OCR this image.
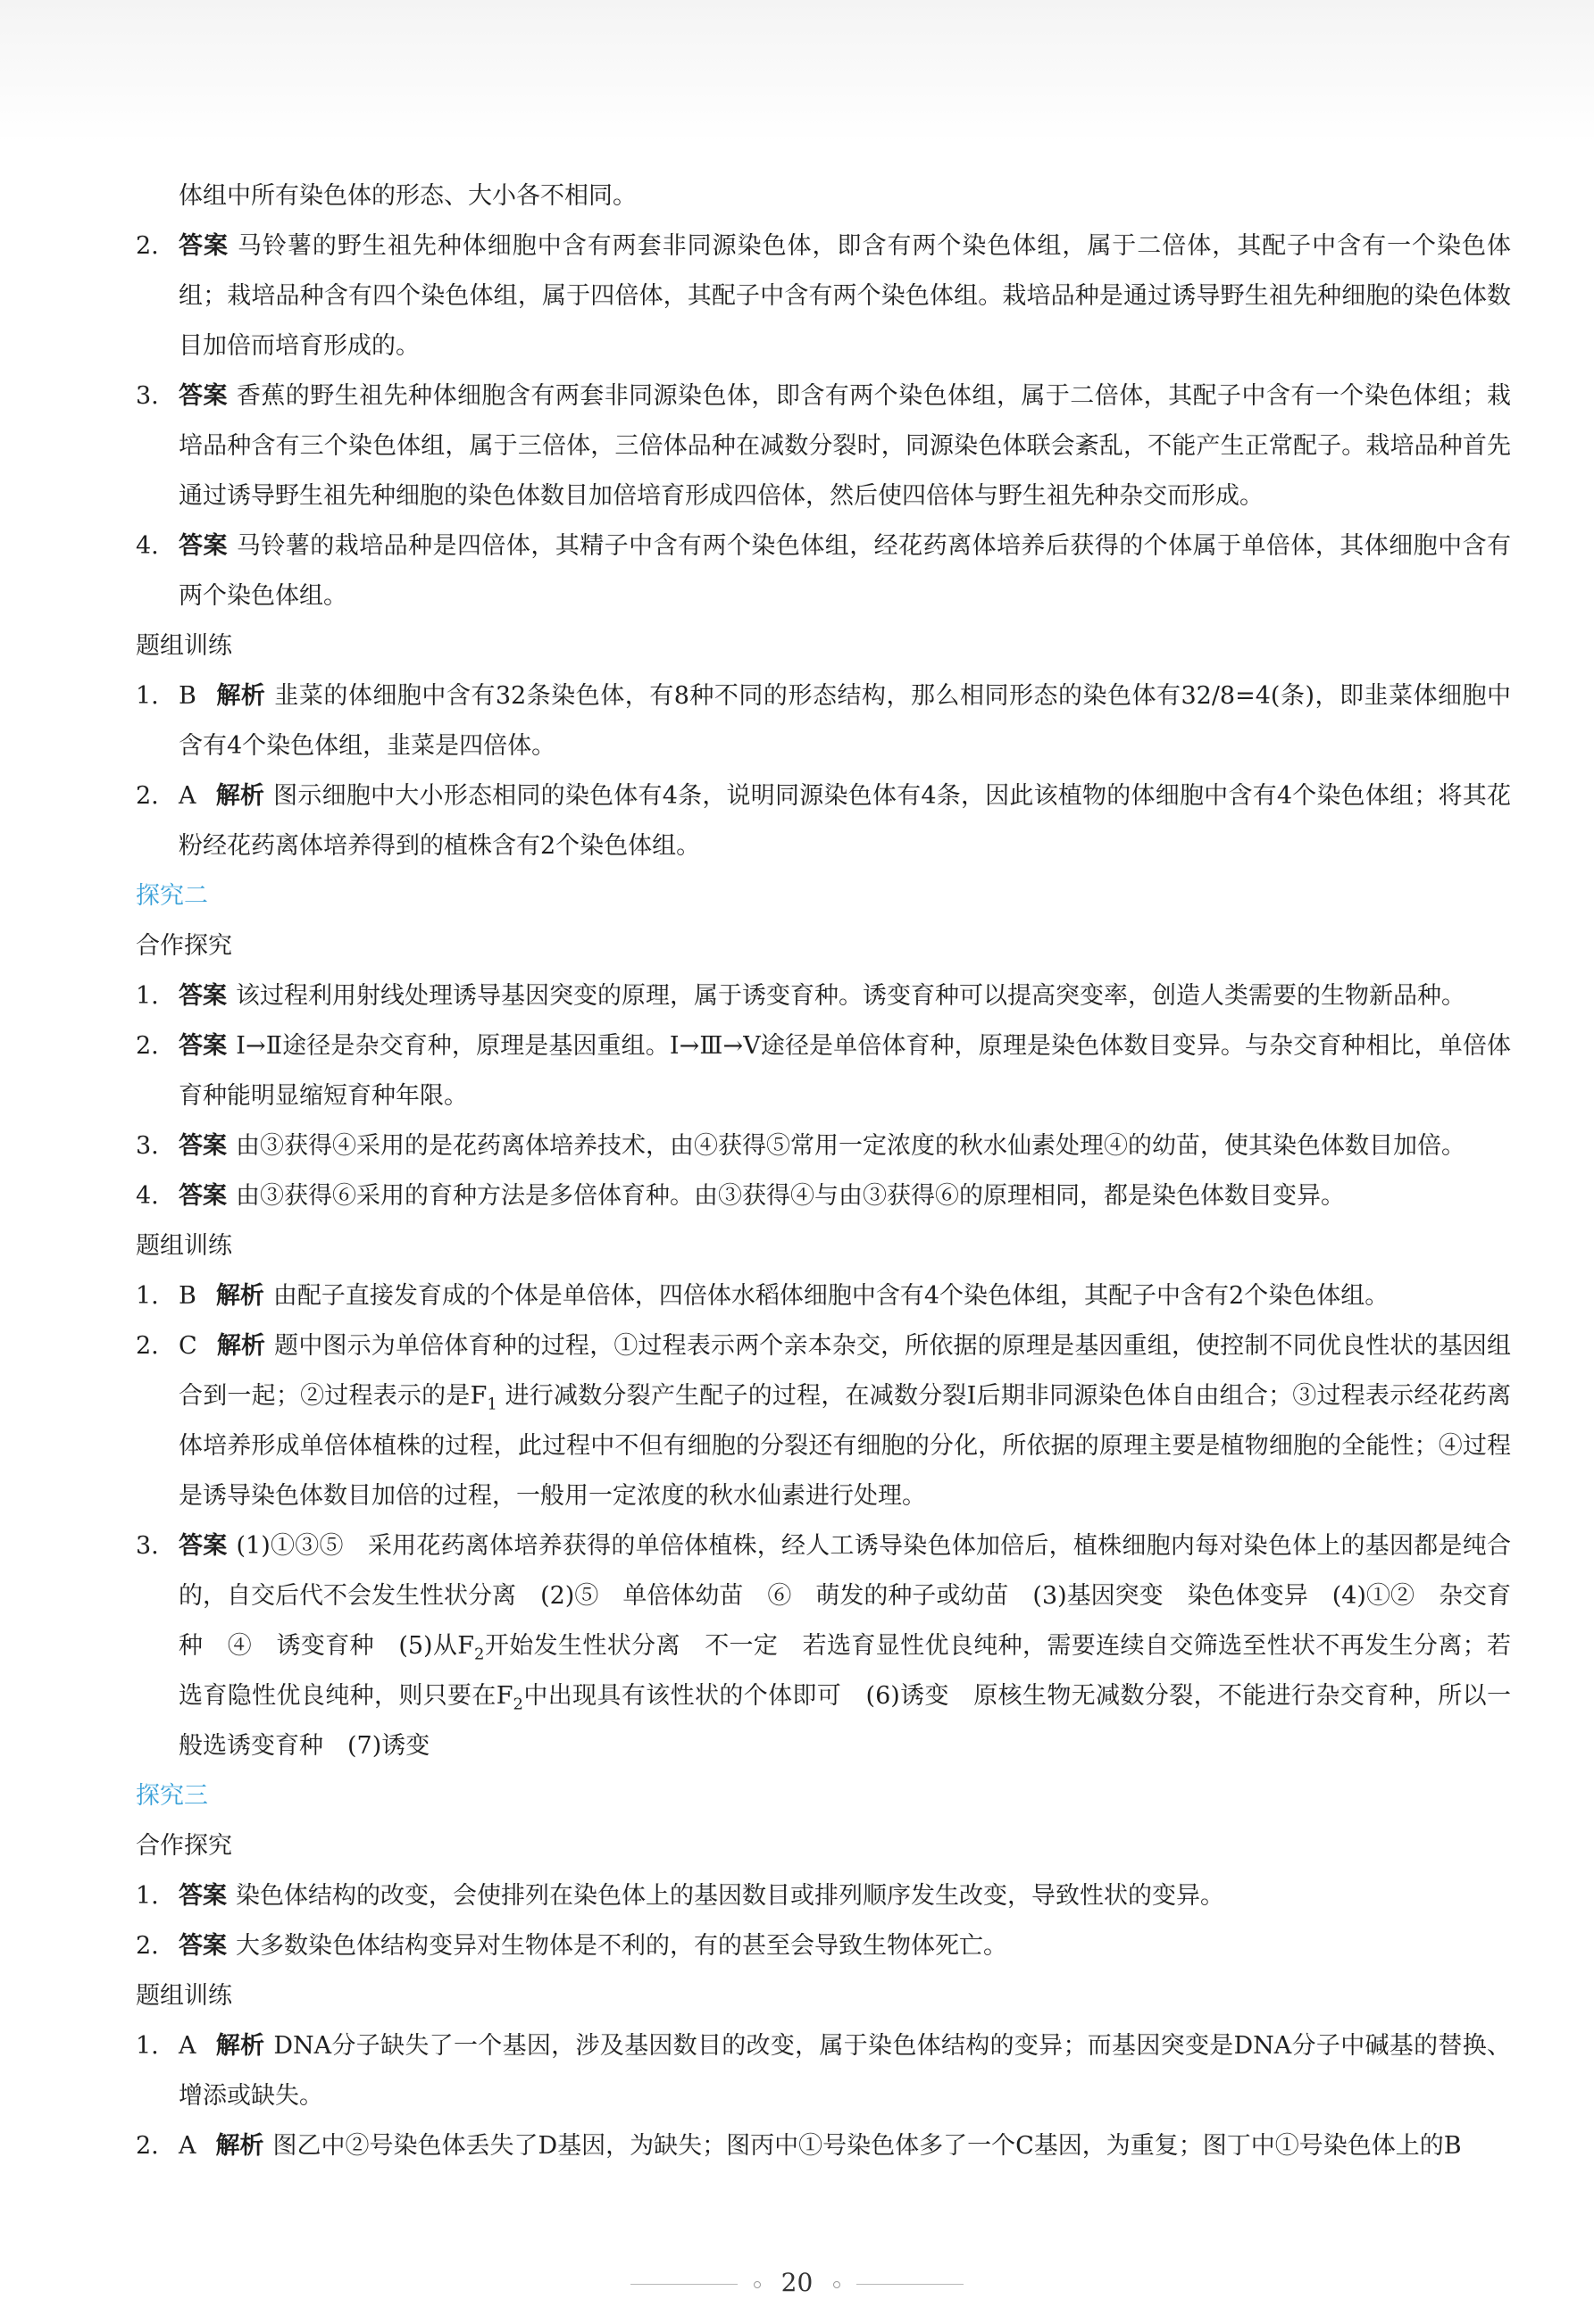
体组中所有染色体的形态、大小各不相同。
2. 答案 马铃薯的野生祖先种体细胞中含有两套非同源染色体，即含有两个染色体组，属于二倍体，其配子中含有一个染色体组；栽培品种含有四个染色体组，属于四倍体，其配子中含有两个染色体组。栽培品种是通过诱导野生祖先种细胞的染色体数目加倍而培育形成的。
3. 答案 香蕉的野生祖先种体细胞含有两套非同源染色体，即含有两个染色体组，属于二倍体，其配子中含有一个染色体组；栽培品种含有三个染色体组，属于三倍体，三倍体品种在减数分裂时，同源染色体联会紊乱，不能产生正常配子。栽培品种首先通过诱导野生祖先种细胞的染色体数目加倍培育形成四倍体，然后使四倍体与野生祖先种杂交而形成。
4. 答案 马铃薯的栽培品种是四倍体，其精子中含有两个染色体组，经花药离体培养后获得的个体属于单倍体，其体细胞中含有两个染色体组。
题组训练
1. B 解析 韭菜的体细胞中含有32条染色体，有8种不同的形态结构，那么相同形态的染色体有32/8=4(条)，即韭菜体细胞中含有4个染色体组，韭菜是四倍体。
2. A 解析 图示细胞中大小形态相同的染色体有4条，说明同源染色体有4条，因此该植物的体细胞中含有4个染色体组；将其花粉经花药离体培养得到的植株含有2个染色体组。
探究二
合作探究
1. 答案 该过程利用射线处理诱导基因突变的原理，属于诱变育种。诱变育种可以提高突变率，创造人类需要的生物新品种。
2. 答案 Ⅰ→Ⅱ途径是杂交育种，原理是基因重组。Ⅰ→Ⅲ→Ⅴ途径是单倍体育种，原理是染色体数目变异。与杂交育种相比，单倍体育种能明显缩短育种年限。
3. 答案 由③获得④采用的是花药离体培养技术，由④获得⑤常用一定浓度的秋水仙素处理④的幼苗，使其染色体数目加倍。
4. 答案 由③获得⑥采用的育种方法是多倍体育种。由③获得④与由③获得⑥的原理相同，都是染色体数目变异。
题组训练
1. B 解析 由配子直接发育成的个体是单倍体，四倍体水稻体细胞中含有4个染色体组，其配子中含有2个染色体组。
2. C 解析 题中图示为单倍体育种的过程，①过程表示两个亲本杂交，所依据的原理是基因重组，使控制不同优良性状的基因组合到一起；②过程表示的是$F_1$ 进行减数分裂产生配子的过程，在减数分裂Ⅰ后期非同源染色体自由组合；③过程表示经花药离体培养形成单倍体植株的过程，此过程中不但有细胞的分裂还有细胞的分化，所依据的原理主要是植物细胞的全能性；④过程是诱导染色体数目加倍的过程，一般用一定浓度的秋水仙素进行处理。
3. 答案 (1)①③⑤　采用花药离体培养获得的单倍体植株，经人工诱导染色体加倍后，植株细胞内每对染色体上的基因都是纯合的，自交后代不会发生性状分离　(2)⑤　单倍体幼苗　⑥　萌发的种子或幼苗　(3)基因突变　染色体变异　(4)①②　杂交育种　④　诱变育种　(5)从$F_2$开始发生性状分离　不一定　若选育显性优良纯种，需要连续自交筛选至性状不再发生分离；若选育隐性优良纯种，则只要在$F_2$中出现具有该性状的个体即可　(6)诱变　原核生物无减数分裂，不能进行杂交育种，所以一般选诱变育种　(7)诱变
探究三
合作探究
1. 答案 染色体结构的改变，会使排列在染色体上的基因数目或排列顺序发生改变，导致性状的变异。
2. 答案 大多数染色体结构变异对生物体是不利的，有的甚至会导致生物体死亡。
题组训练
1. A 解析 DNA分子缺失了一个基因，涉及基因数目的改变，属于染色体结构的变异；而基因突变是DNA分子中碱基的替换、增添或缺失。
2. A 解析 图乙中②号染色体丢失了D基因，为缺失；图丙中①号染色体多了一个C基因，为重复；图丁中①号染色体上的B
20
